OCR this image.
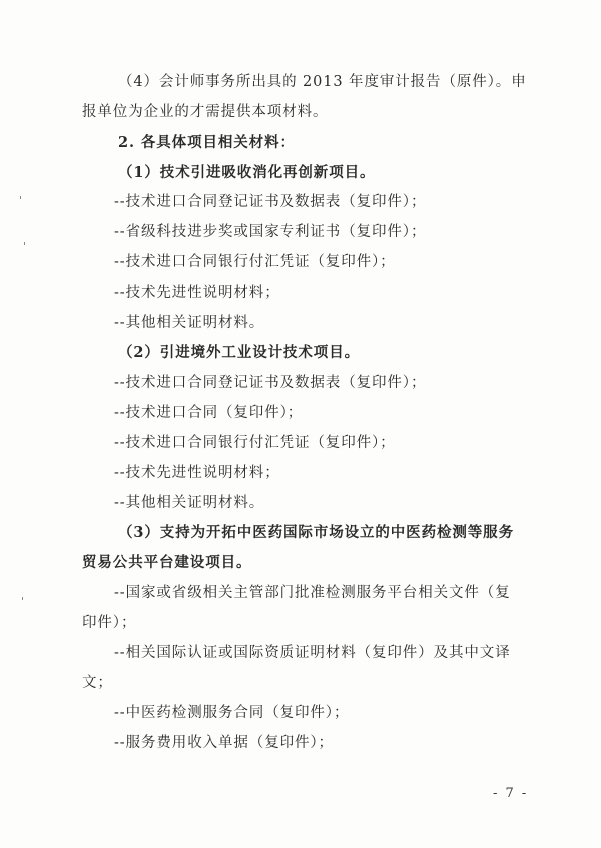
（4）会计师事务所出具的 2013 年度审计报告（原件）。申
报单位为企业的才需提供本项材料。
2. 各具体项目相关材料：
（1）技术引进吸收消化再创新项目。
--技术进口合同登记证书及数据表（复印件）；
--省级科技进步奖或国家专利证书（复印件）；
--技术进口合同银行付汇凭证（复印件）；
--技术先进性说明材料；
--其他相关证明材料。
（2）引进境外工业设计技术项目。
--技术进口合同登记证书及数据表（复印件）；
--技术进口合同（复印件）；
--技术进口合同银行付汇凭证（复印件）；
--技术先进性说明材料；
--其他相关证明材料。
（3）支持为开拓中医药国际市场设立的中医药检测等服务
贸易公共平台建设项目。
--国家或省级相关主管部门批准检测服务平台相关文件（复
印件）；
--相关国际认证或国际资质证明材料（复印件）及其中文译
文；
--中医药检测服务合同（复印件）；
--服务费用收入单据（复印件）；
- 7 -
